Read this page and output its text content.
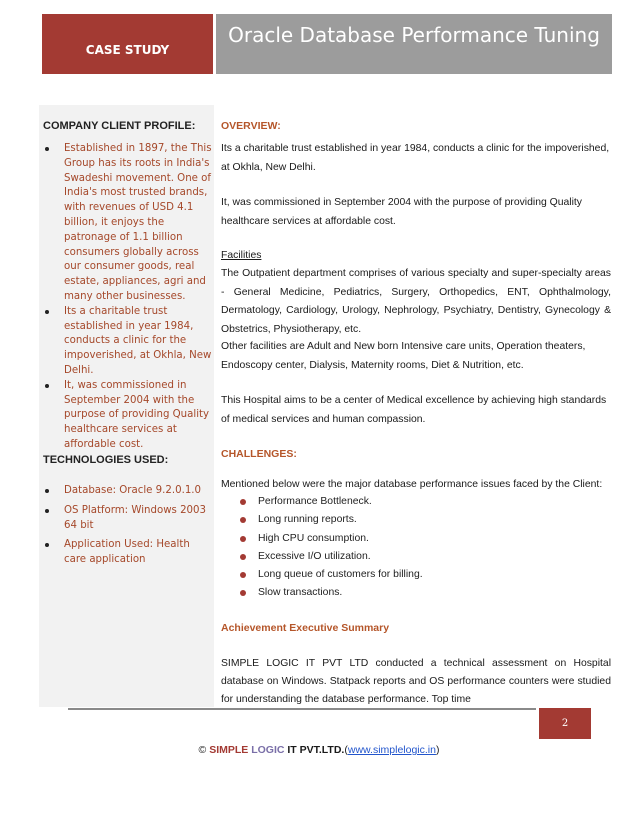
CASE STUDY
Oracle Database Performance Tuning
COMPANY CLIENT PROFILE:
Established in 1897, the This Group has its roots in India's Swadeshi movement. One of India's most trusted brands, with revenues of USD 4.1 billion, it enjoys the patronage of 1.1 billion consumers globally across our consumer goods, real estate, appliances, agri and many other businesses.
Its a charitable trust established in year 1984, conducts a clinic for the impoverished, at Okhla, New Delhi.
It, was commissioned in September 2004 with the purpose of providing Quality healthcare services at affordable cost.
TECHNOLOGIES USED:
Database: Oracle 9.2.0.1.0
OS Platform: Windows 2003 64 bit
Application Used: Health care application
OVERVIEW:
Its a charitable trust established in year 1984, conducts a clinic for the impoverished, at Okhla, New Delhi.
It, was commissioned in September 2004 with the purpose of providing Quality healthcare services at affordable cost.
Facilities
The Outpatient department comprises of various specialty and super-specialty areas - General Medicine, Pediatrics, Surgery, Orthopedics, ENT, Ophthalmology, Dermatology, Cardiology, Urology, Nephrology, Psychiatry, Dentistry, Gynecology & Obstetrics, Physiotherapy, etc.
Other facilities are Adult and New born Intensive care units, Operation theaters, Endoscopy center, Dialysis, Maternity rooms, Diet & Nutrition, etc.
This Hospital aims to be a center of Medical excellence by achieving high standards of medical services and human compassion.
CHALLENGES:
Mentioned below were the major database performance issues faced by the Client:
Performance Bottleneck.
Long running reports.
High CPU consumption.
Excessive I/O utilization.
Long queue of customers for billing.
Slow transactions.
Achievement Executive Summary
SIMPLE LOGIC IT PVT LTD conducted a technical assessment on Hospital database on Windows. Statpack reports and OS performance counters were studied for understanding the database performance. Top time
2
© SIMPLE LOGIC IT PVT.LTD.(www.simplelogic.in)
